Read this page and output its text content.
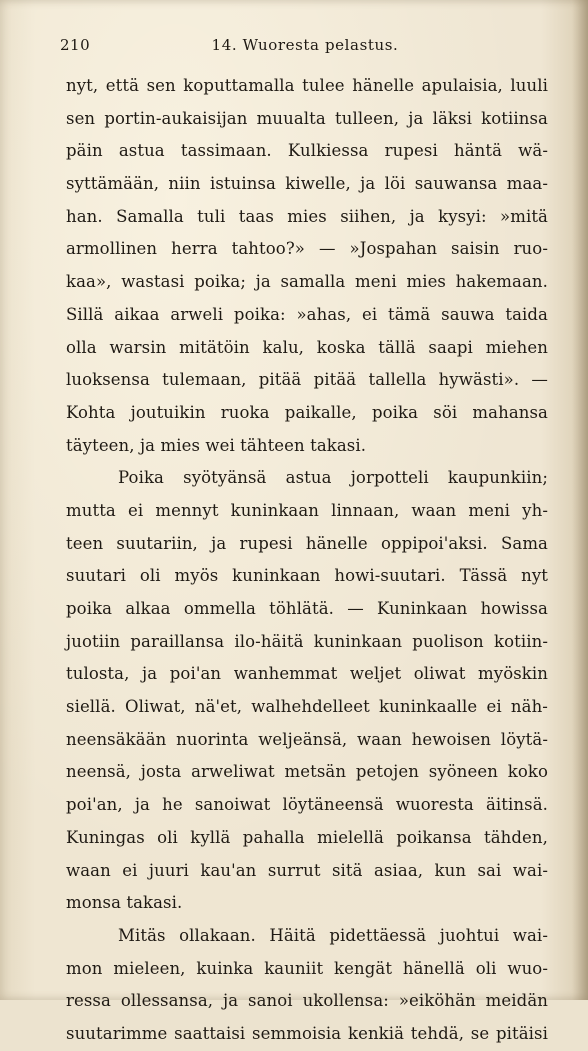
210	14. Wuoresta pelastus.
nyt, että sen koputtamalla tulee hänelle apulaisia, luuli
sen portin-aukaisijan muualta tulleen, ja läksi kotiinsa
päin astua tassimaan. Kulkiessa rupesi häntä wä-
syttämään, niin istuinsa kiwelle, ja löi sauwansa maa-
han. Samalla tuli taas mies siihen, ja kysyi: »mitä
armollinen herra tahtoo?» — »Jospahan saisin ruo-
kaa», wastasi poika; ja samalla meni mies hakemaan.
Sillä aikaa arweli poika: »ahas, ei tämä sauwa taida
olla warsin mitätöin kalu, koska tällä saapi miehen
luoksensa tulemaan, pitää pitää tallella hywästi». —
Kohta joutuikin ruoka paikalle, poika söi mahansa
täyteen, ja mies wei tähteen takasi.
Poika syötyänsä astua jorpotteli kaupunkiin;
mutta ei mennyt kuninkaan linnaan, waan meni yh-
teen suutariin, ja rupesi hänelle oppipoi'aksi. Sama
suutari oli myös kuninkaan howi-suutari. Tässä nyt
poika alkaa ommella töhlätä. — Kuninkaan howissa
juotiin paraillansa ilo-häitä kuninkaan puolison kotiin-
tulosta, ja poi'an wanhemmat weljet oliwat myöskin
siellä. Oliwat, nä'et, walhehdelleet kuninkaalle ei näh-
neensäkään nuorinta weljeänsä, waan hewoisen löytä-
neensä, josta arweliwat metsän petojen syöneen koko
poi'an, ja he sanoiwat löytäneensä wuoresta äitinsä.
Kuningas oli kyllä pahalla mielellä poikansa tähden,
waan ei juuri kau'an surrut sitä asiaa, kun sai wai-
monsa takasi.
Mitäs ollakaan. Häitä pidettäessä juohtui wai-
mon mieleen, kuinka kauniit kengät hänellä oli wuo-
ressa ollessansa, ja sanoi ukollensa: »eiköhän meidän
suutarimme saattaisi semmoisia kenkiä tehdä, se pitäisi
